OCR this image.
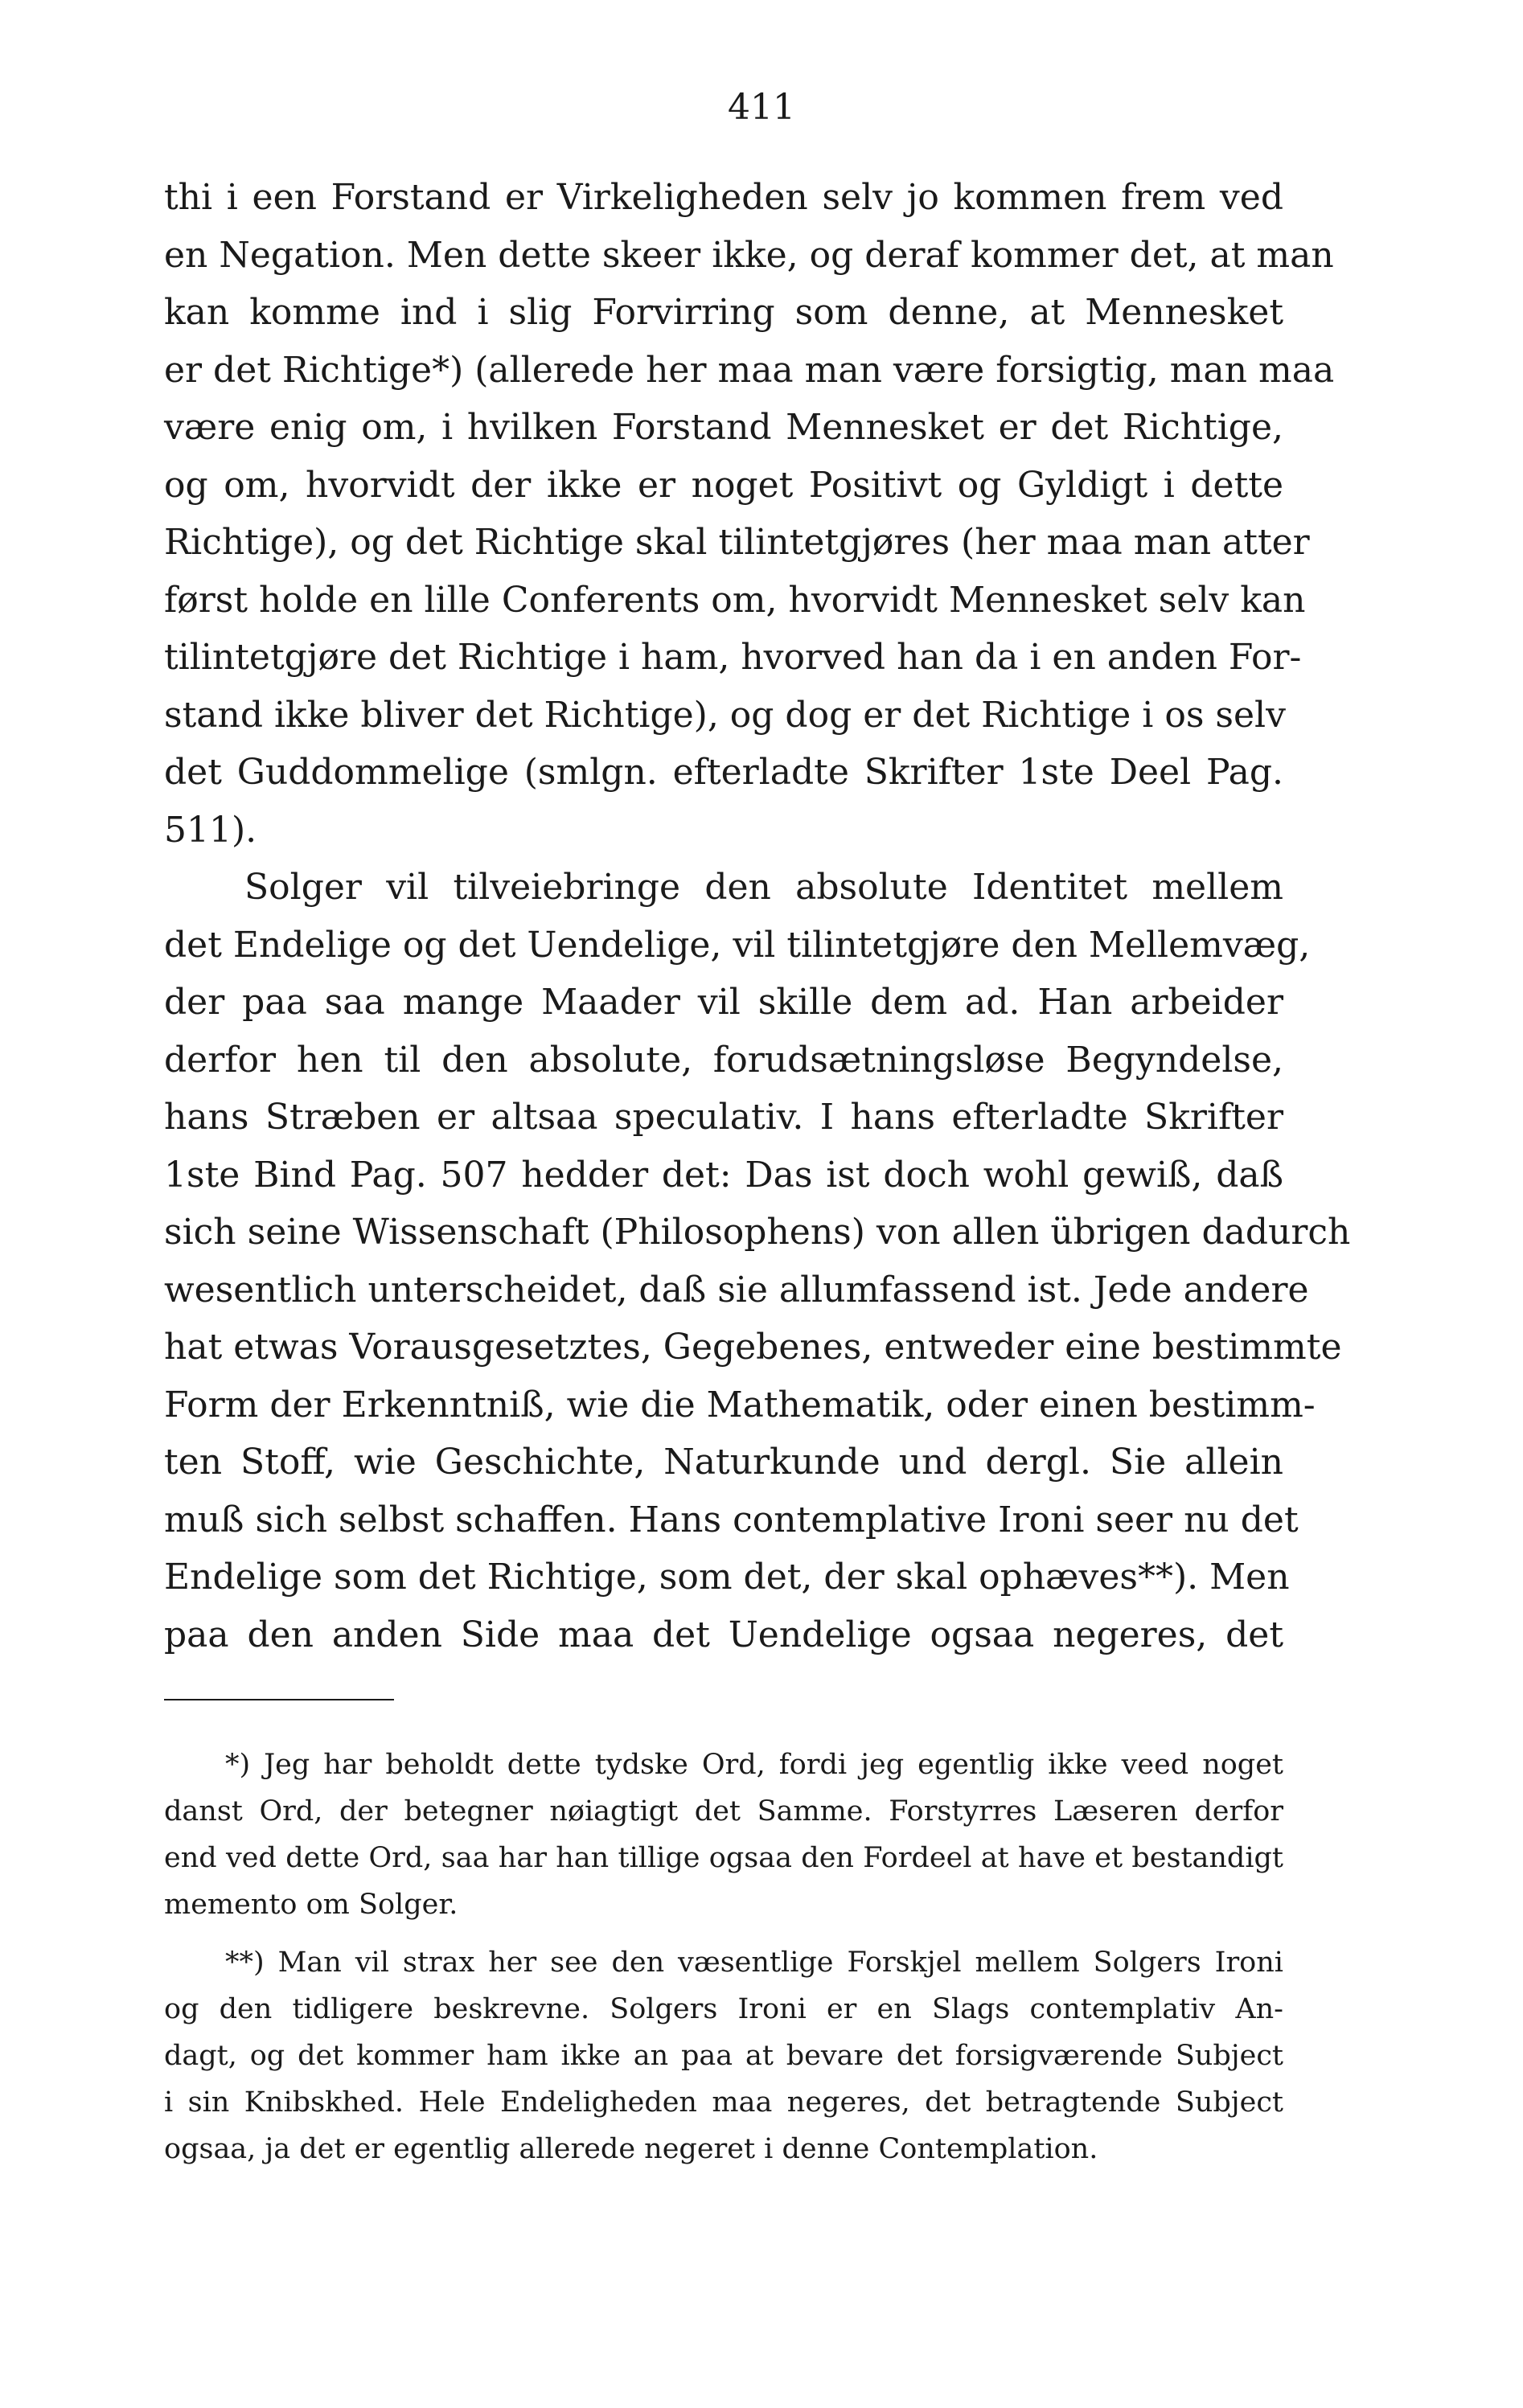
411
thi i een Forstand er Virkeligheden selv jo kommen frem ved
en Negation. Men dette skeer ikke, og deraf kommer det, at man
kan komme ind i slig Forvirring som denne, at Mennesket
er det Richtige*) (allerede her maa man være forsigtig, man maa
være enig om, i hvilken Forstand Mennesket er det Richtige,
og om, hvorvidt der ikke er noget Positivt og Gyldigt i dette
Richtige), og det Richtige skal tilintetgjøres (her maa man atter
først holde en lille Conferents om, hvorvidt Mennesket selv kan
tilintetgjøre det Richtige i ham, hvorved han da i en anden For-
stand ikke bliver det Richtige), og dog er det Richtige i os selv
det Guddommelige (smlgn. efterladte Skrifter 1ste Deel Pag.
511).
Solger vil tilveiebringe den absolute Identitet mellem
det Endelige og det Uendelige, vil tilintetgjøre den Mellemvæg,
der paa saa mange Maader vil skille dem ad. Han arbeider
derfor hen til den absolute, forudsætningsløse Begyndelse,
hans Stræben er altsaa speculativ. I hans efterladte Skrifter
1ste Bind Pag. 507 hedder det: Das ist doch wohl gewiß, daß
sich seine Wissenschaft (Philosophens) von allen übrigen dadurch
wesentlich unterscheidet, daß sie allumfassend ist. Jede andere
hat etwas Vorausgesetztes, Gegebenes, entweder eine bestimmte
Form der Erkenntniß, wie die Mathematik, oder einen bestimm-
ten Stoff, wie Geschichte, Naturkunde und dergl. Sie allein
muß sich selbst schaffen. Hans contemplative Ironi seer nu det
Endelige som det Richtige, som det, der skal ophæves**). Men
paa den anden Side maa det Uendelige ogsaa negeres, det
*) Jeg har beholdt dette tydske Ord, fordi jeg egentlig ikke veed noget
danst Ord, der betegner nøiagtigt det Samme. Forstyrres Læseren derfor
end ved dette Ord, saa har han tillige ogsaa den Fordeel at have et bestandigt
memento om Solger.
**) Man vil strax her see den væsentlige Forskjel mellem Solgers Ironi
og den tidligere beskrevne. Solgers Ironi er en Slags contemplativ An-
dagt, og det kommer ham ikke an paa at bevare det forsigværende Subject
i sin Knibskhed. Hele Endeligheden maa negeres, det betragtende Subject
ogsaa, ja det er egentlig allerede negeret i denne Contemplation.
